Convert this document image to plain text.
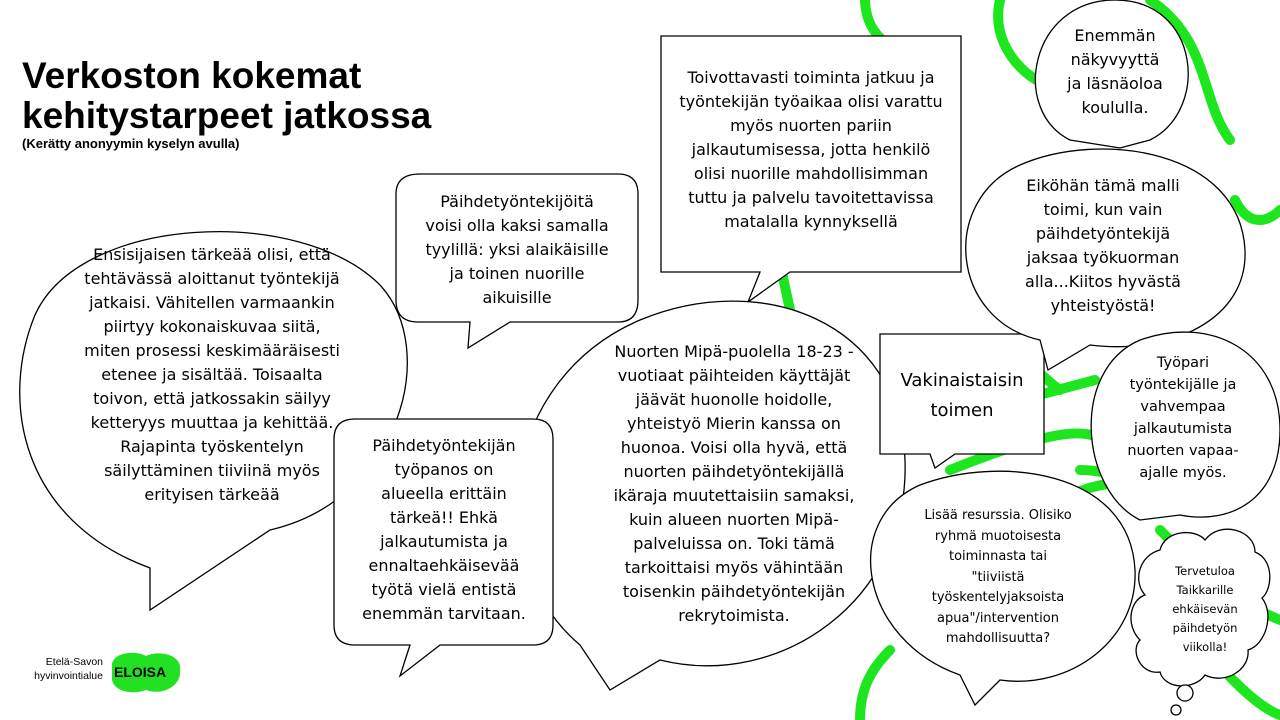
Verkoston kokemat
kehitystarpeet jatkossa
(Kerätty anonyymin kyselyn avulla)
Ensisijaisen tärkeää olisi, että
tehtävässä aloittanut työntekijä
jatkaisi. Vähitellen varmaankin
piirtyy kokonaiskuvaa siitä,
miten prosessi keskimääräisesti
etenee ja sisältää. Toisaalta
toivon, että jatkossakin säilyy
ketteryys muuttaa ja kehittää.
Rajapinta työskentelyn
säilyttäminen tiiviinä myös
erityisen tärkeää
Päihdetyöntekijöitä
voisi olla kaksi samalla
tyylillä: yksi alaikäisille
ja toinen nuorille
aikuisille
Toivottavasti toiminta jatkuu ja
työntekijän työaikaa olisi varattu
myös nuorten pariin
jalkautumisessa, jotta henkilö
olisi nuorille mahdollisimman
tuttu ja palvelu tavoitettavissa
matalalla kynnyksellä
Nuorten Mipä-puolella 18-23 -
vuotiaat päihteiden käyttäjät
jäävät huonolle hoidolle,
yhteistyö Mierin kanssa on
huonoa. Voisi olla hyvä, että
nuorten päihdetyöntekijällä
ikäraja muutettaisiin samaksi,
kuin alueen nuorten Mipä-
palveluissa on. Toki tämä
tarkoittaisi myös vähintään
toisenkin päihdetyöntekijän
rekrytoimista.
Päihdetyöntekijän
työpanos on
alueella erittäin
tärkeä!! Ehkä
jalkautumista ja
ennaltaehkäisevää
työtä vielä entistä
enemmän tarvitaan.
Vakinaistaisin
toimen
Enemmän
näkyvyyttä
ja läsnäoloa
koululla.
Eiköhän tämä malli
toimi, kun vain
päihdetyöntekijä
jaksaa työkuorman
alla...Kiitos hyvästä
yhteistyöstä!
Työpari
työntekijälle ja
vahvempaa
jalkautumista
nuorten vapaa-
ajalle myös.
Lisää resurssia. Olisiko
ryhmä muotoisesta
toiminnasta tai
"tiiviistä
työskentelyjaksoista
apua"/intervention
mahdollisuutta?
Tervetuloa
Taikkarille
ehkäisevän
päihdetyön
viikolla!
Etelä-Savon
hyvinvointialue ELOISA
